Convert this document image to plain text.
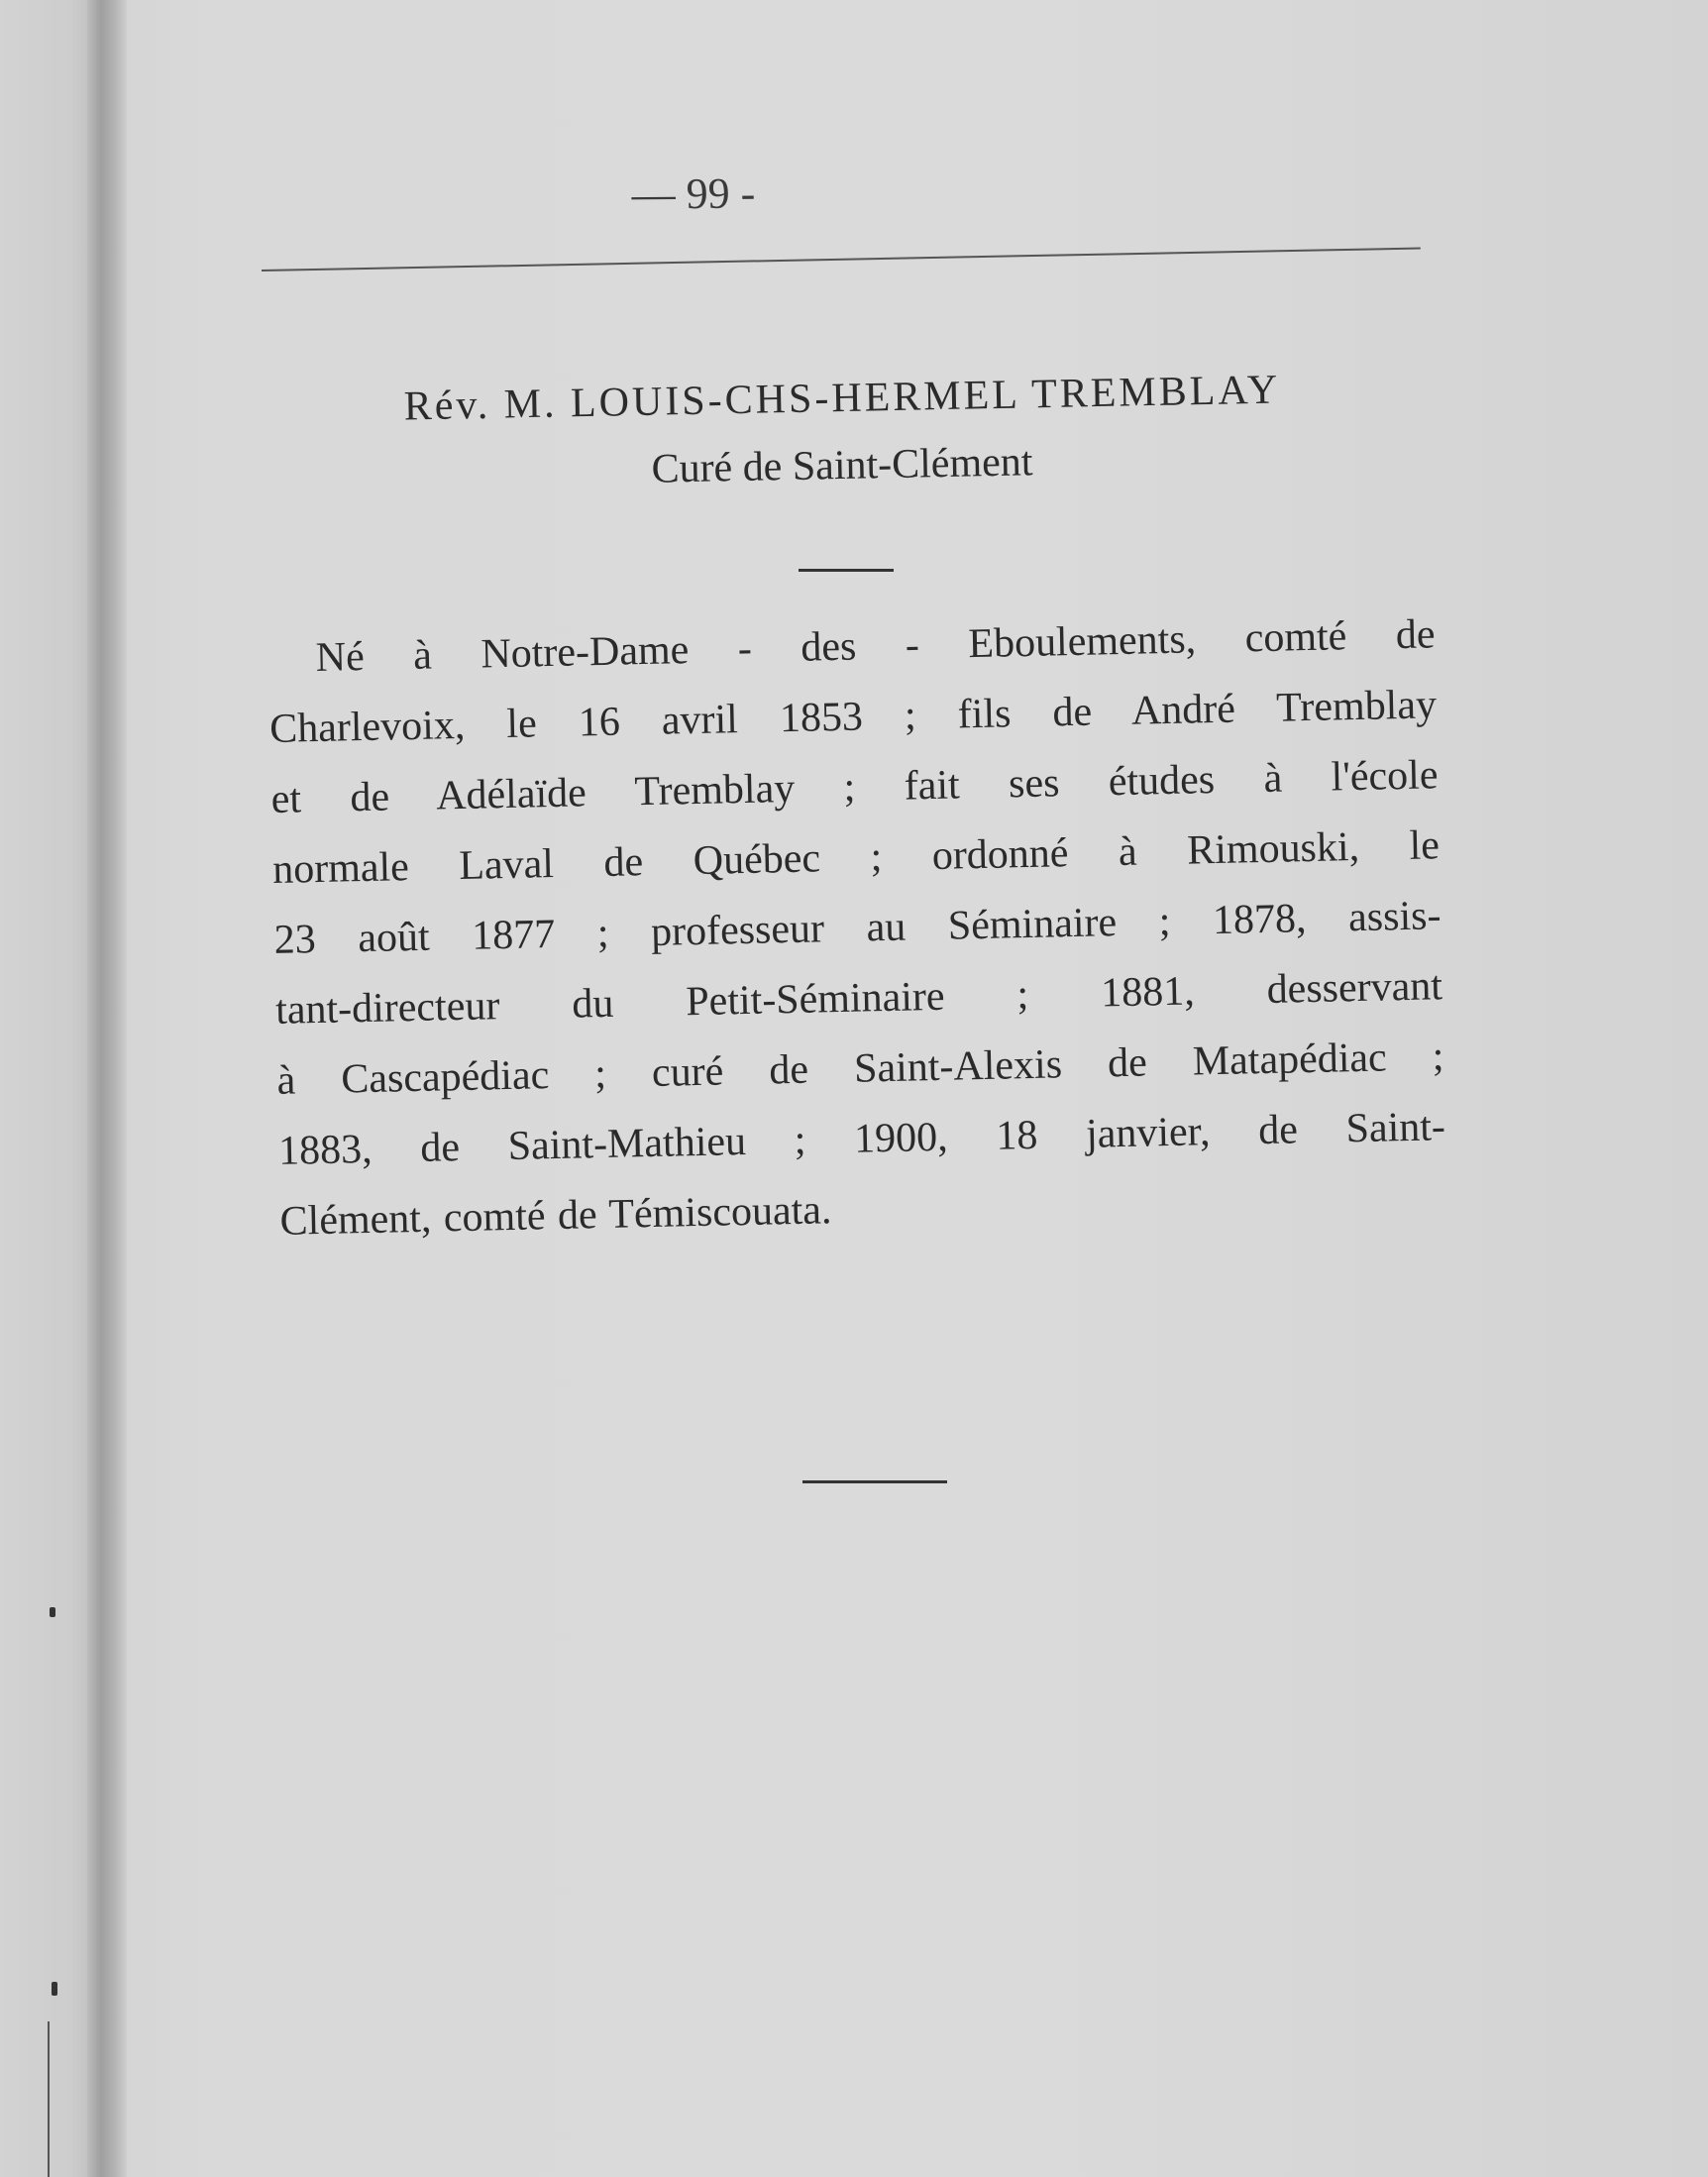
— 99 -
Rév. M. LOUIS-CHS-HERMEL TREMBLAY
Curé de Saint-Clément
Né à Notre-Dame - des - Eboulements, comté de
Charlevoix, le 16 avril 1853 ; fils de André Tremblay
et de Adélaïde Tremblay ; fait ses études à l'école
normale Laval de Québec ; ordonné à Rimouski, le
23 août 1877 ; professeur au Séminaire ; 1878, assis-
tant-directeur du Petit-Séminaire ; 1881, desservant
à Cascapédiac ; curé de Saint-Alexis de Matapédiac ;
1883, de Saint-Mathieu ; 1900, 18 janvier, de Saint-
Clément, comté de Témiscouata.
